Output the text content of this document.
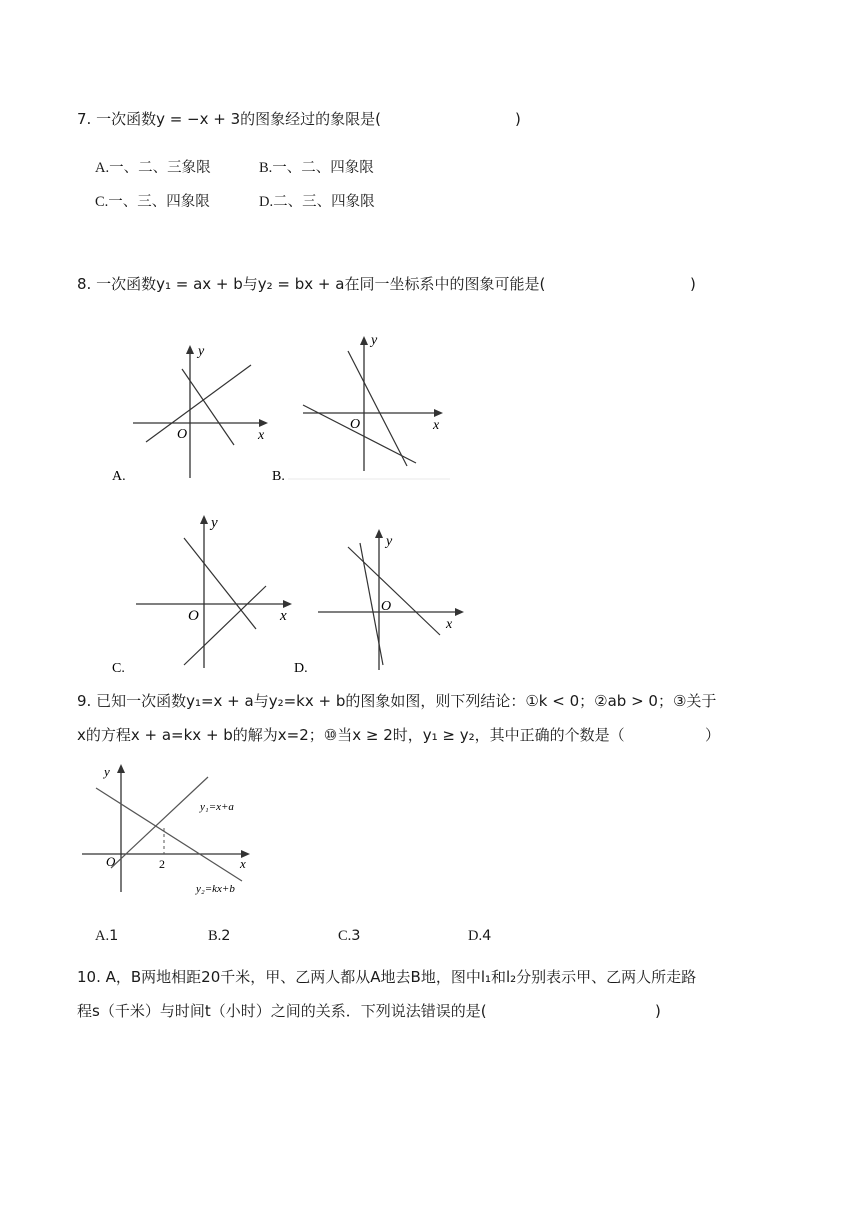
7. 一次函数y = −x + 3的图象经过的象限是(	)
A.一、二、三象限	B.一、二、四象限
C.一、三、四象限	D.二、三、四象限
8. 一次函数y₁ = ax + b与y₂ = bx + a在同一坐标系中的图象可能是(	)
y
x
O
A.
y
x
O
B.
y
x
O
C.
y
x
O
D.
9. 已知一次函数y₁=x + a与y₂=kx + b的图象如图，则下列结论：①k < 0；②ab > 0；③关于
x的方程x + a=kx + b的解为x=2；⑩当x ≥ 2时，y₁ ≥ y₂，其中正确的个数是（	）
y
x
O	2
y₁=x+a
y₂=kx+b
A.1	B.2	C.3	D.4
10. A，B两地相距20千米，甲、乙两人都从A地去B地，图中l₁和l₂分别表示甲、乙两人所走路
程s（千米）与时间t（小时）之间的关系．下列说法错误的是(	)
